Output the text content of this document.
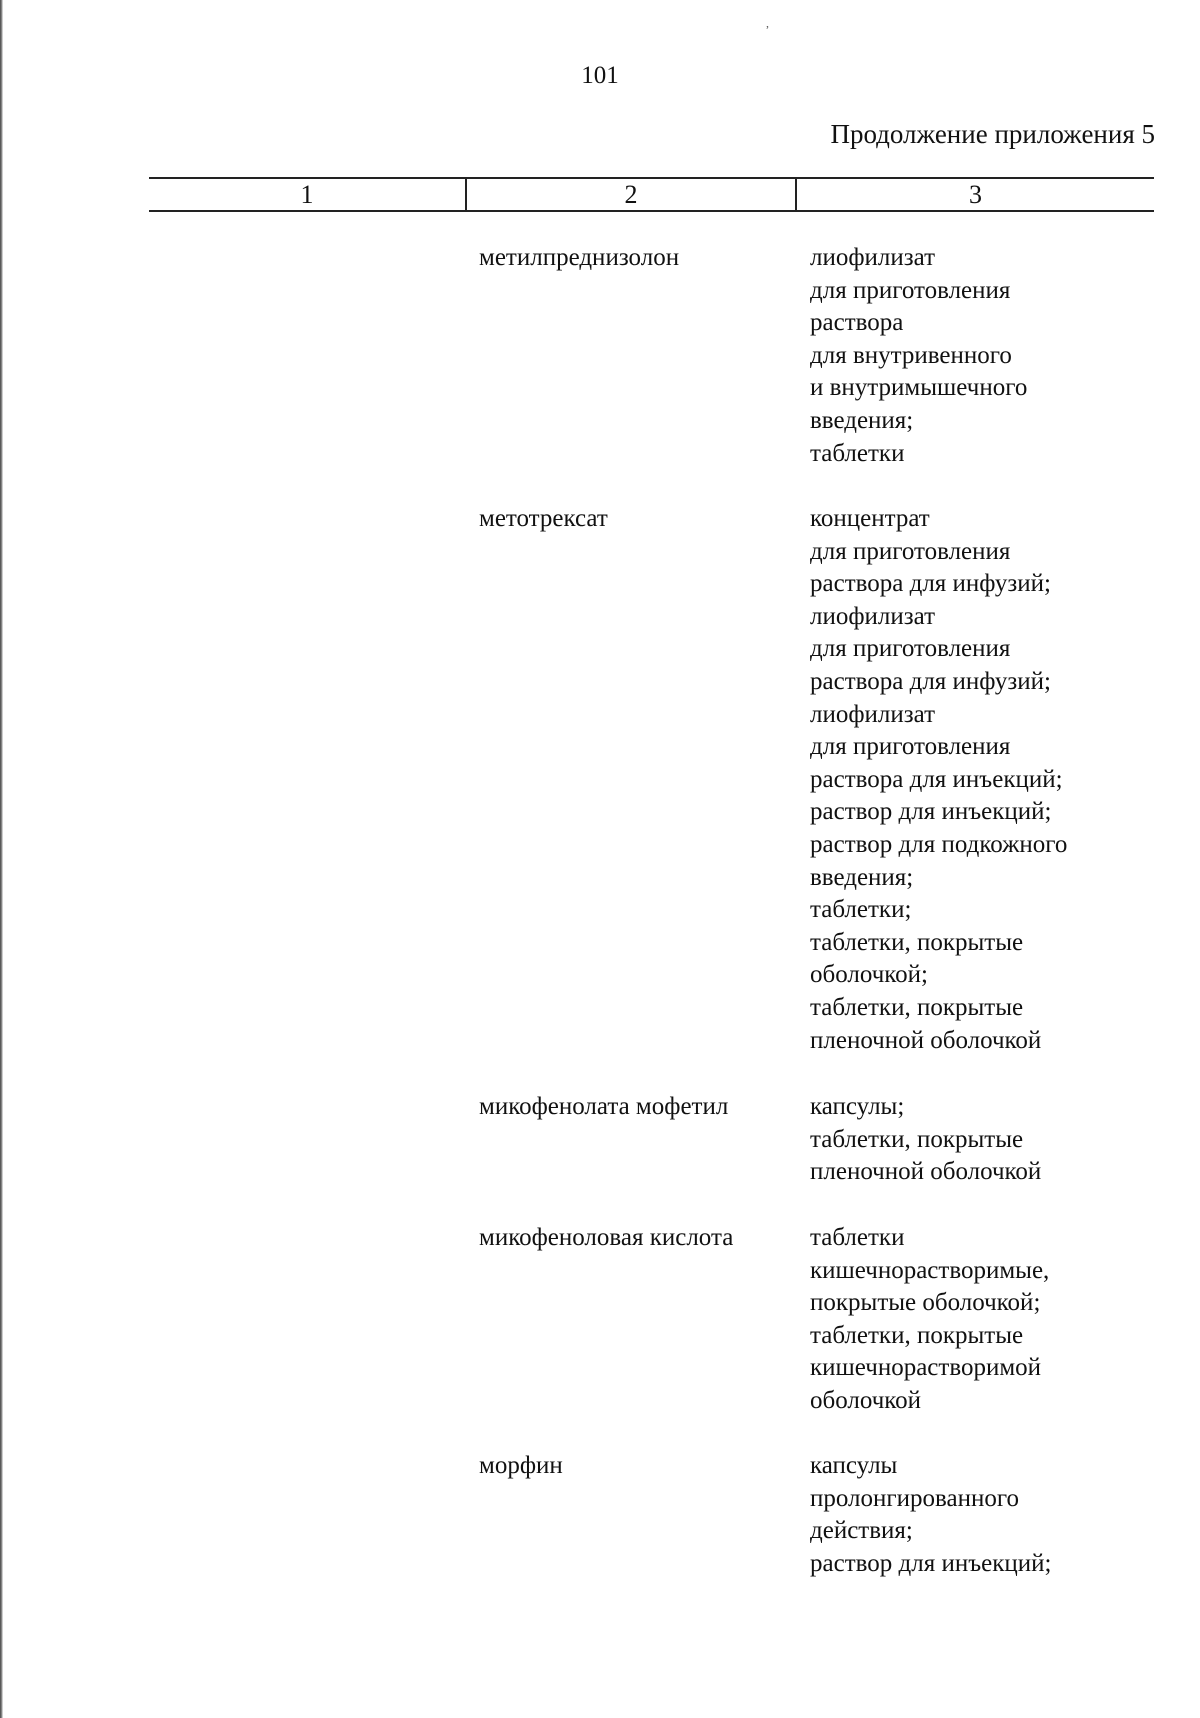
,
101
Продолжение приложения 5
1	2	3
метилпреднизолон	лиофилизат
для приготовления
раствора
для внутривенного
и внутримышечного
введения;
таблетки
метотрексат	концентрат
для приготовления
раствора для инфузий;
лиофилизат
для приготовления
раствора для инфузий;
лиофилизат
для приготовления
раствора для инъекций;
раствор для инъекций;
раствор для подкожного
введения;
таблетки;
таблетки, покрытые
оболочкой;
таблетки, покрытые
пленочной оболочкой
микофенолата мофетил	капсулы;
таблетки, покрытые
пленочной оболочкой
микофеноловая кислота	таблетки
кишечнорастворимые,
покрытые оболочкой;
таблетки, покрытые
кишечнорастворимой
оболочкой
морфин	капсулы
пролонгированного
действия;
раствор для инъекций;
